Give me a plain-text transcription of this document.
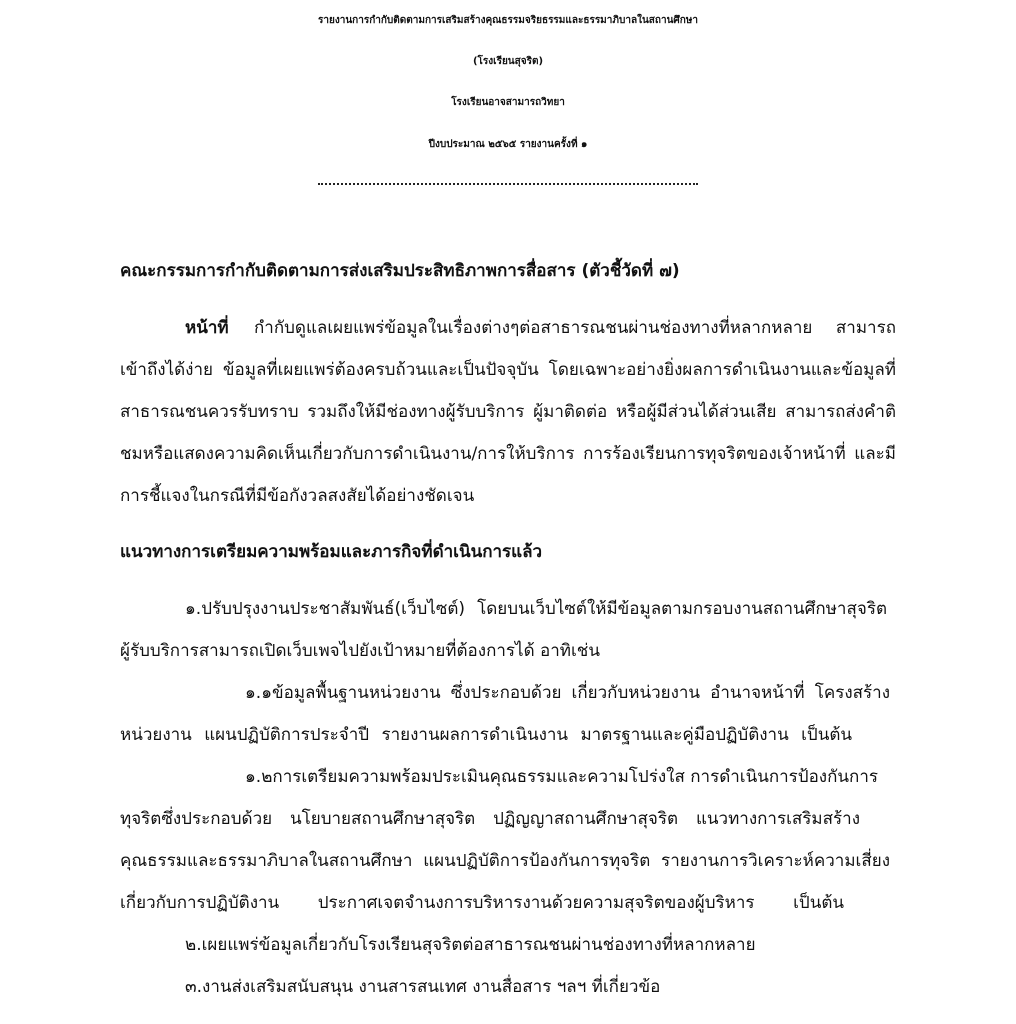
รายงานการกำกับติดตามการเสริมสร้างคุณธรรมจริยธรรมและธรรมาภิบาลในสถานศึกษา
(โรงเรียนสุจริต)
โรงเรียนอาจสามารถวิทยา
ปีงบประมาณ ๒๕๖๕ รายงานครั้งที่ ๑
คณะกรรมการกำกับติดตามการส่งเสริมประสิทธิภาพการสื่อสาร (ตัวชี้วัดที่ ๗)
หน้าที่ กำกับดูแลเผยแพร่ข้อมูลในเรื่องต่างๆต่อสาธารณชนผ่านช่องทางที่หลากหลาย สามารถ
เข้าถึงได้ง่าย ข้อมูลที่เผยแพร่ต้องครบถ้วนและเป็นปัจจุบัน โดยเฉพาะอย่างยิ่งผลการดำเนินงานและข้อมูลที่
สาธารณชนควรรับทราบ รวมถึงให้มีช่องทางผู้รับบริการ ผู้มาติดต่อ หรือผู้มีส่วนได้ส่วนเสีย สามารถส่งคำติ
ชมหรือแสดงความคิดเห็นเกี่ยวกับการดำเนินงาน/การให้บริการ การร้องเรียนการทุจริตของเจ้าหน้าที่ และมี
การชี้แจงในกรณีที่มีข้อกังวลสงสัยได้อย่างชัดเจน
แนวทางการเตรียมความพร้อมและภารกิจที่ดำเนินการแล้ว
๑.ปรับปรุงงานประชาสัมพันธ์(เว็บไซต์) โดยบนเว็บไซต์ให้มีข้อมูลตามกรอบงานสถานศึกษาสุจริต
ผู้รับบริการสามารถเปิดเว็บเพจไปยังเป้าหมายที่ต้องการได้ อาทิเช่น
๑.๑ข้อมูลพื้นฐานหน่วยงาน ซึ่งประกอบด้วย เกี่ยวกับหน่วยงาน อำนาจหน้าที่ โครงสร้าง
หน่วยงาน แผนปฏิบัติการประจำปี รายงานผลการดำเนินงาน มาตรฐานและคู่มือปฏิบัติงาน เป็นต้น
๑.๒การเตรียมความพร้อมประเมินคุณธรรมและความโปร่งใส การดำเนินการป้องกันการ
ทุจริตซึ่งประกอบด้วย นโยบายสถานศึกษาสุจริต ปฏิญญาสถานศึกษาสุจริต แนวทางการเสริมสร้าง
คุณธรรมและธรรมาภิบาลในสถานศึกษา แผนปฏิบัติการป้องกันการทุจริต รายงานการวิเคราะห์ความเสี่ยง
เกี่ยวกับการปฏิบัติงาน ประกาศเจตจำนงการบริหารงานด้วยความสุจริตของผู้บริหาร เป็นต้น
๒.เผยแพร่ข้อมูลเกี่ยวกับโรงเรียนสุจริตต่อสาธารณชนผ่านช่องทางที่หลากหลาย
๓.งานส่งเสริมสนับสนุน งานสารสนเทศ งานสื่อสาร ฯลฯ ที่เกี่ยวข้อ
